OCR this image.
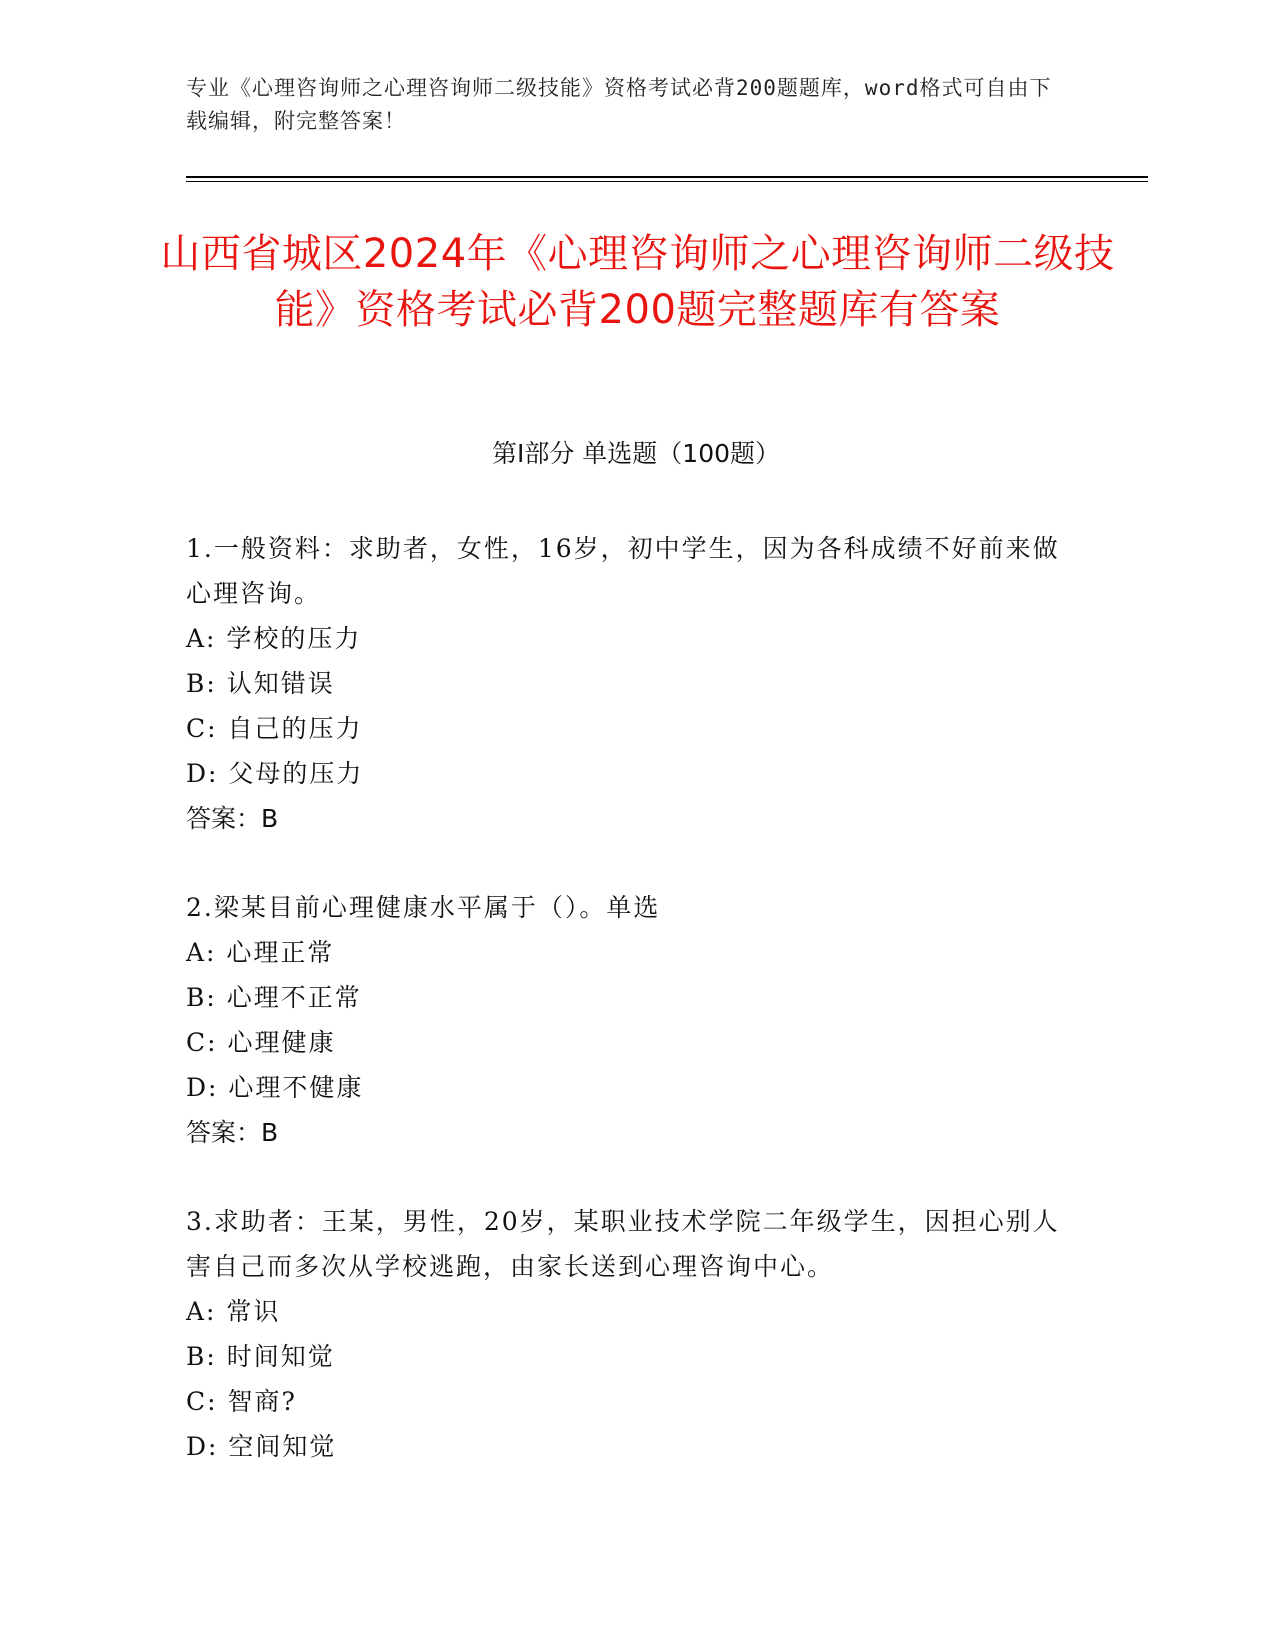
专业《心理咨询师之心理咨询师二级技能》资格考试必背200题题库，word格式可自由下载编辑，附完整答案！
山西省城区2024年《心理咨询师之心理咨询师二级技能》资格考试必背200题完整题库有答案
第Ⅰ部分 单选题（100题）

1.一般资料：求助者，女性，16岁，初中学生，因为各科成绩不好前来做心理咨询。

A: 学校的压力

B: 认知错误

C: 自己的压力

D: 父母的压力

答案：B

2.梁某目前心理健康水平属于（）。单选

A: 心理正常

B: 心理不正常

C: 心理健康

D: 心理不健康

答案：B

3.求助者：王某，男性，20岁，某职业技术学院二年级学生，因担心别人害自己而多次从学校逃跑，由家长送到心理咨询中心。

A: 常识

B: 时间知觉

C: 智商?

D: 空间知觉
